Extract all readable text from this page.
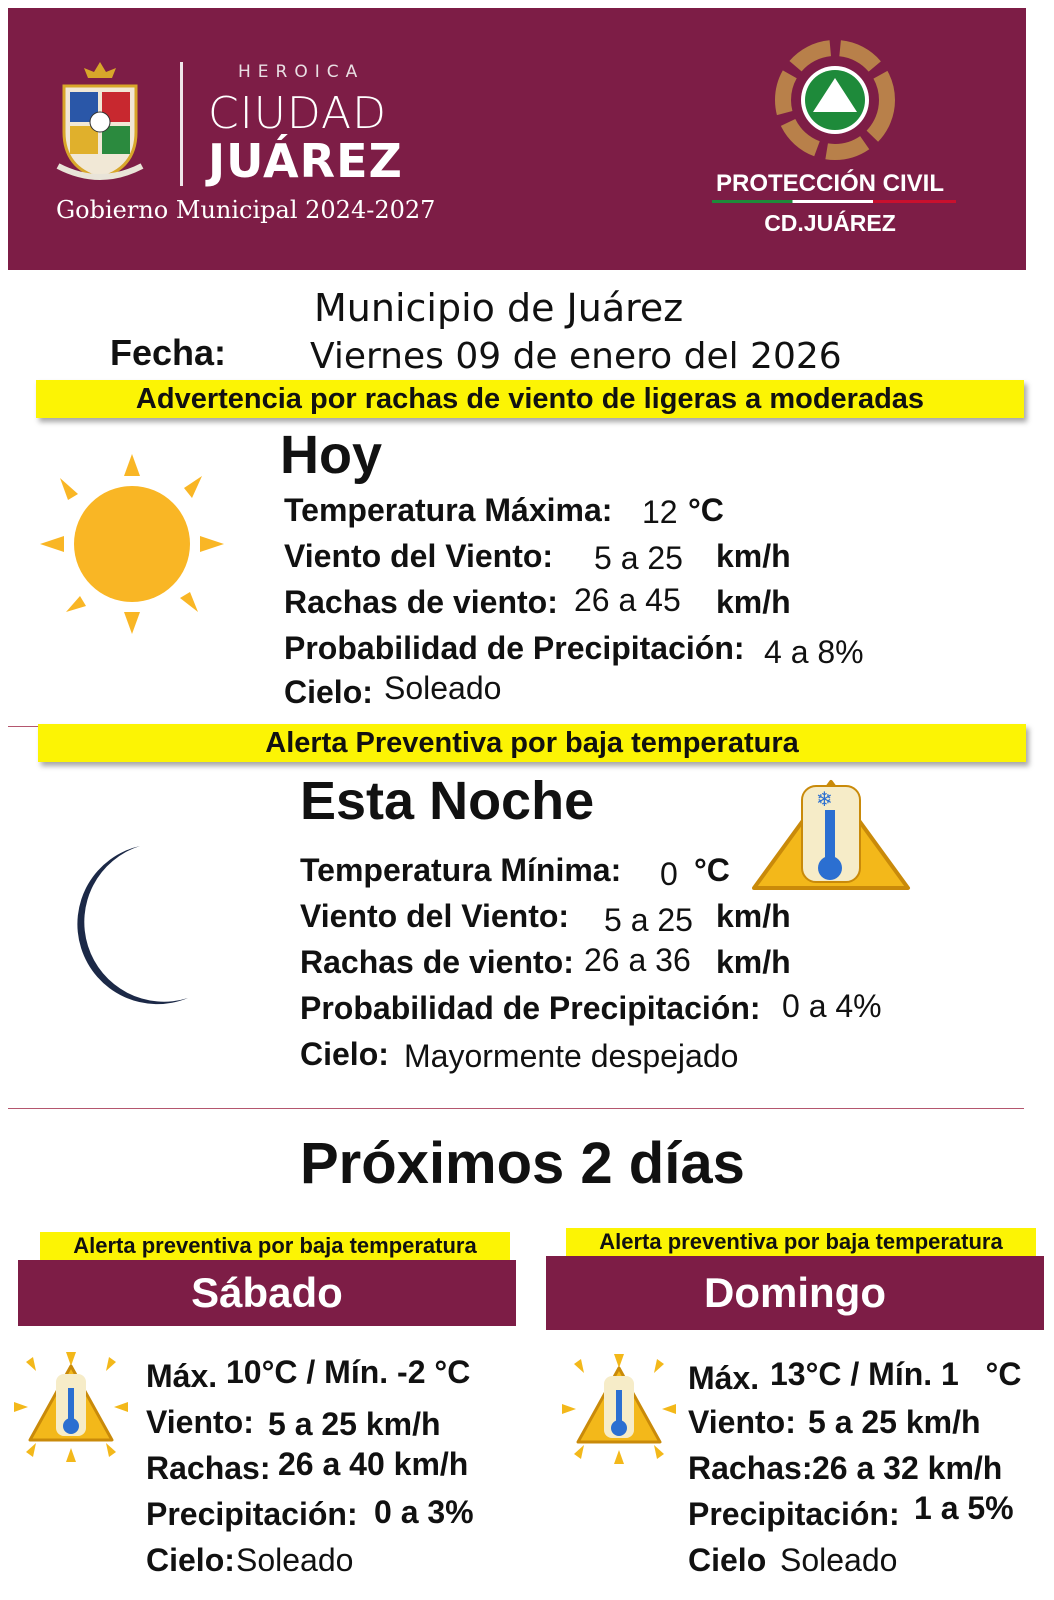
HEROICA
CIUDAD
JUÁREZ
Gobierno Municipal 2024-2027
PROTECCIÓN CIVIL
CD.JUÁREZ
Municipio de Juárez
Fecha: Viernes 09 de enero del 2026
Advertencia por rachas de viento de ligeras a moderadas
Hoy
Temperatura Máxima: 12 °C
Viento del Viento: 5 a 25 km/h
Rachas de viento: 26 a 45 km/h
Probabilidad de Precipitación: 4 a 8%
Cielo: Soleado
Alerta Preventiva por baja temperatura
Esta Noche	❄
Temperatura Mínima: 0 °C
Viento del Viento: 5 a 25 km/h
Rachas de viento: 26 a 36 km/h
Probabilidad de Precipitación: 0 a 4%
Cielo: Mayormente despejado
Próximos 2 días
Alerta preventiva por baja temperatura
Sábado
Máx. 10°C / Mín. -2 °C
Viento: 5 a 25 km/h
Rachas: 26 a 40 km/h
Precipitación: 0 a 3%
Cielo: Soleado
Alerta preventiva por baja temperatura
Domingo
Máx. 13°C / Mín. 1   °C
Viento: 5 a 25 km/h
Rachas: 26 a 32 km/h
Precipitación: 1 a 5%
Cielo Soleado
